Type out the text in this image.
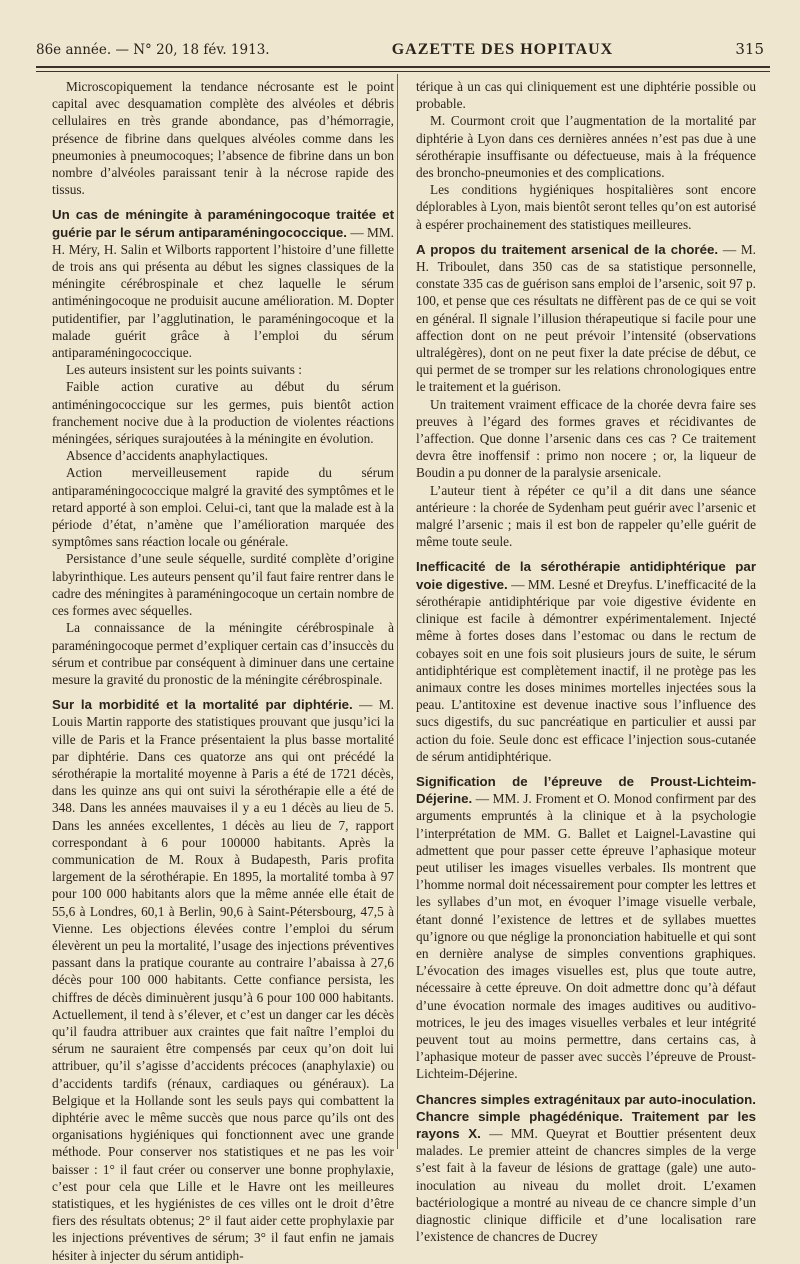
86e année. — N° 20, 18 fév. 1913.	GAZETTE DES HOPITAUX	315

Microscopiquement la tendance nécrosante est le point capital avec desquamation complète des alvéoles et débris cellulaires en très grande abondance, pas d’hémorragie, présence de fibrine dans quelques alvéoles comme dans les pneumonies à pneumocoques; l’absence de fibrine dans un bon nombre d’alvéoles paraissant tenir à la nécrose rapide des tissus.

Un cas de méningite à paraméningocoque traitée et guérie par le sérum antiparaméningococcique. — MM. H. Méry, H. Salin et Wilborts rapportent l’histoire d’une fillette de trois ans qui présenta au début les signes classiques de la méningite cérébrospinale et chez laquelle le sérum antiméningocoque ne produisit aucune amélioration. M. Dopter putidentifier, par l’agglutination, le paraméningocoque et la malade guérit grâce à l’emploi du sérum antiparaméningococcique.

Les auteurs insistent sur les points suivants :

Faible action curative au début du sérum antiméningococcique sur les germes, puis bientôt action franchement nocive due à la production de violentes réactions méningées, sériques surajoutées à la méningite en évolution.

Absence d’accidents anaphylactiques.

Action merveilleusement rapide du sérum antiparaméningococcique malgré la gravité des symptômes et le retard apporté à son emploi. Celui-ci, tant que la malade est à la période d’état, n’amène que l’amélioration marquée des symptômes sans réaction locale ou générale.

Persistance d’une seule séquelle, surdité complète d’origine labyrinthique. Les auteurs pensent qu’il faut faire rentrer dans le cadre des méningites à paraméningocoque un certain nombre de ces formes avec séquelles.

La connaissance de la méningite cérébrospinale à paraméningocoque permet d’expliquer certain cas d’insuccès du sérum et contribue par conséquent à diminuer dans une certaine mesure la gravité du pronostic de la méningite cérébrospinale.

Sur la morbidité et la mortalité par diphtérie. — M. Louis Martin rapporte des statistiques prouvant que jusqu’ici la ville de Paris et la France présentaient la plus basse mortalité par diphtérie. Dans ces quatorze ans qui ont précédé la sérothérapie la mortalité moyenne à Paris a été de 1721 décès, dans les quinze ans qui ont suivi la sérothérapie elle a été de 348. Dans les années mauvaises il y a eu 1 décès au lieu de 5. Dans les années excellentes, 1 décès au lieu de 7, rapport correspondant à 6 pour 100000 habitants. Après la communication de M. Roux à Budapesth, Paris profita largement de la sérothérapie. En 1895, la mortalité tomba à 97 pour 100 000 habitants alors que la même année elle était de 55,6 à Londres, 60,1 à Berlin, 90,6 à Saint-Pétersbourg, 47,5 à Vienne. Les objections élevées contre l’emploi du sérum élevèrent un peu la mortalité, l’usage des injections préventives passant dans la pratique courante au contraire l’abaissa à 27,6 décès pour 100 000 habitants. Cette confiance persista, les chiffres de décès diminuèrent jusqu’à 6 pour 100 000 habitants. Actuellement, il tend à s’élever, et c’est un danger car les décès qu’il faudra attribuer aux craintes que fait naître l’emploi du sérum ne sauraient être compensés par ceux qu’on doit lui attribuer, qu’il s’agisse d’accidents précoces (anaphylaxie) ou d’accidents tardifs (rénaux, cardiaques ou généraux). La Belgique et la Hollande sont les seuls pays qui combattent la diphtérie avec le même succès que nous parce qu’ils ont des organisations hygiéniques qui fonctionnent avec une grande méthode. Pour conserver nos statistiques et ne pas les voir baisser : 1° il faut créer ou conserver une bonne prophylaxie, c’est pour cela que Lille et le Havre ont les meilleures statistiques, et les hygiénistes de ces villes ont le droit d’être fiers des résultats obtenus; 2° il faut aider cette prophylaxie par les injections préventives de sérum; 3° il faut enfin ne jamais hésiter à injecter du sérum antidiph-

térique à un cas qui cliniquement est une diphtérie possible ou probable.

M. Courmont croit que l’augmentation de la mortalité par diphtérie à Lyon dans ces dernières années n’est pas due à une sérothérapie insuffisante ou défectueuse, mais à la fréquence des broncho-pneumonies et des complications.

Les conditions hygiéniques hospitalières sont encore déplorables à Lyon, mais bientôt seront telles qu’on est autorisé à espérer prochainement des statistiques meilleures.

A propos du traitement arsenical de la chorée. — M. H. Triboulet, dans 350 cas de sa statistique personnelle, constate 335 cas de guérison sans emploi de l’arsenic, soit 97 p. 100, et pense que ces résultats ne diffèrent pas de ce qui se voit en général. Il signale l’illusion thérapeutique si facile pour une affection dont on ne peut prévoir l’intensité (observations ultralégères), dont on ne peut fixer la date précise de début, ce qui permet de se tromper sur les relations chronologiques entre le traitement et la guérison.

Un traitement vraiment efficace de la chorée devra faire ses preuves à l’égard des formes graves et récidivantes de l’affection. Que donne l’arsenic dans ces cas ? Ce traitement devra être inoffensif : primo non nocere ; or, la liqueur de Boudin a pu donner de la paralysie arsenicale.

L’auteur tient à répéter ce qu’il a dit dans une séance antérieure : la chorée de Sydenham peut guérir avec l’arsenic et malgré l’arsenic ; mais il est bon de rappeler qu’elle guérit de même toute seule.

Inefficacité de la sérothérapie antidiphtérique par voie digestive. — MM. Lesné et Dreyfus. L’inefficacité de la sérothérapie antidiphtérique par voie digestive évidente en clinique est facile à démontrer expérimentalement. Injecté même à fortes doses dans l’estomac ou dans le rectum de cobayes soit en une fois soit plusieurs jours de suite, le sérum antidiphtérique est complètement inactif, il ne protège pas les animaux contre les doses minimes mortelles injectées sous la peau. L’antitoxine est devenue inactive sous l’influence des sucs digestifs, du suc pancréatique en particulier et aussi par action du foie. Seule donc est efficace l’injection sous-cutanée de sérum antidiphtérique.
Signification de l’épreuve de Proust-Lichteim-Déjerine. — MM. J. Froment et O. Monod confirment par des arguments empruntés à la clinique et à la psychologie l’interprétation de MM. G. Ballet et Laignel-Lavastine qui admettent que pour passer cette épreuve l’aphasique moteur peut utiliser les images visuelles verbales. Ils montrent que l’homme normal doit nécessairement pour compter les lettres et les syllabes d’un mot, en évoquer l’image visuelle verbale, étant donné l’existence de lettres et de syllabes muettes qu’ignore ou que néglige la prononciation habituelle et qui sont en dernière analyse de simples conventions graphiques. L’évocation des images visuelles est, plus que toute autre, nécessaire à cette épreuve. On doit admettre donc qu’à défaut d’une évocation normale des images auditives ou auditivo-motrices, le jeu des images visuelles verbales et leur intégrité peuvent tout au moins permettre, dans certains cas, à l’aphasique moteur de passer avec succès l’épreuve de Proust-Lichteim-Déjerine.
Chancres simples extragénitaux par auto-inoculation. Chancre simple phagédénique. Traitement par les rayons X. — MM. Queyrat et Bouttier présentent deux malades. Le premier atteint de chancres simples de la verge s’est fait à la faveur de lésions de grattage (gale) une auto-inoculation au niveau du mollet droit. L’examen bactériologique a montré au niveau de ce chancre simple d’un diagnostic clinique difficile et d’une localisation rare l’existence de chancres de Ducrey
